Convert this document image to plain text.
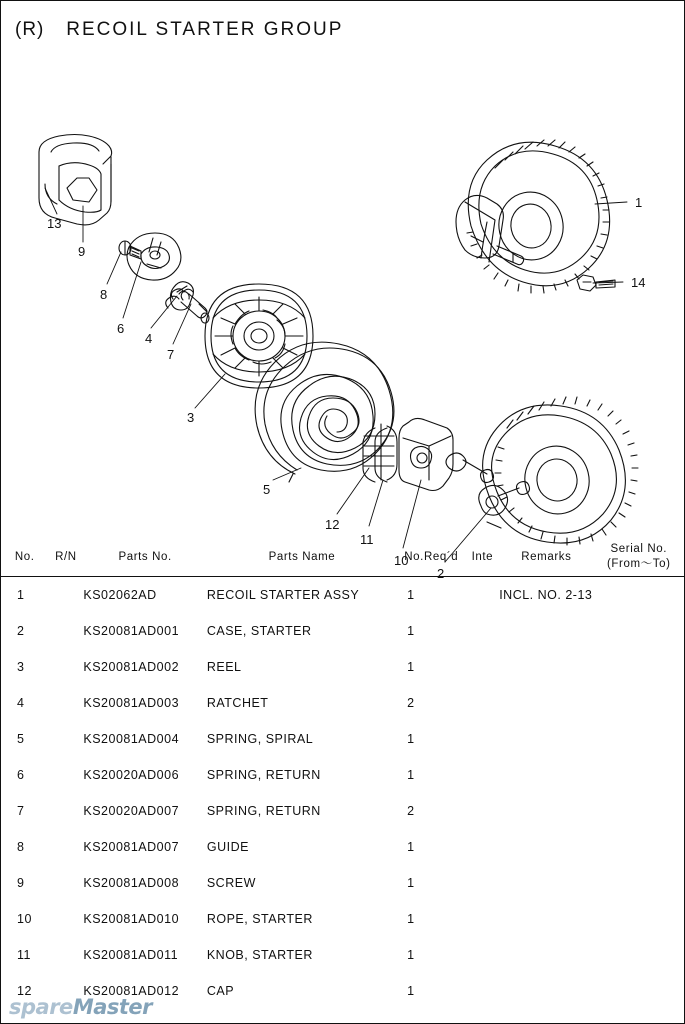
(R) RECOIL STARTER GROUP
1
14
13
9
8
6
4
7
3
5
12
11
10
2
No.	R/N	Parts No.	Parts Name	No.Req´d	Inte	Remarks	Serial No. (From～To)
1		KS02062AD	RECOIL STARTER ASSY	1		INCL. NO. 2-13	
2		KS20081AD001	CASE, STARTER	1			
3		KS20081AD002	REEL	1			
4		KS20081AD003	RATCHET	2			
5		KS20081AD004	SPRING, SPIRAL	1			
6		KS20020AD006	SPRING, RETURN	1			
7		KS20020AD007	SPRING, RETURN	2			
8		KS20081AD007	GUIDE	1			
9		KS20081AD008	SCREW	1			
10		KS20081AD010	ROPE, STARTER	1			
11		KS20081AD011	KNOB, STARTER	1			
12		KS20081AD012	CAP	1			
spareMaster
